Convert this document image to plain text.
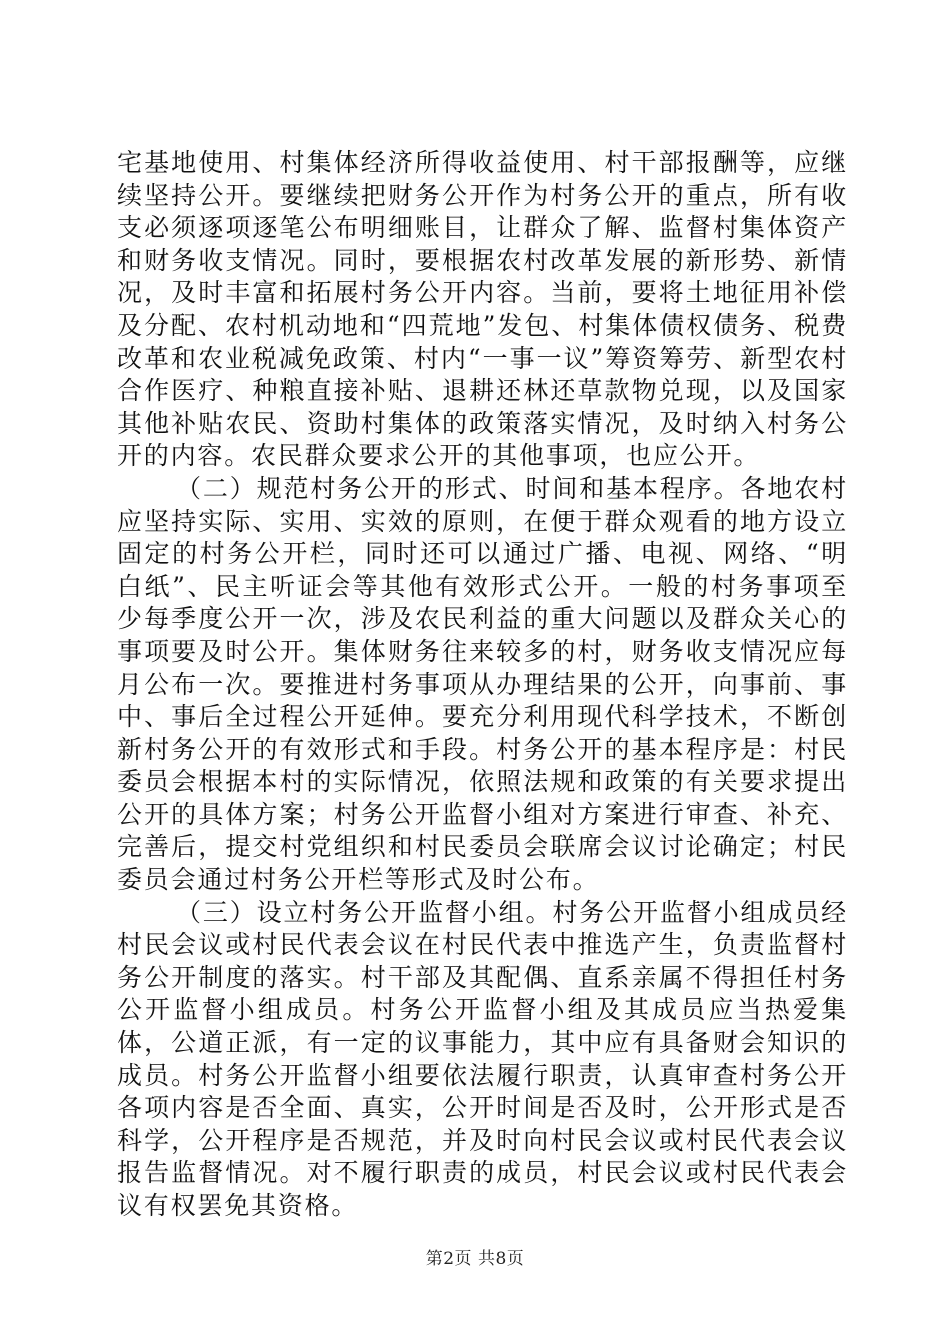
宅基地使用、村集体经济所得收益使用、村干部报酬等，应继续坚持公开。要继续把财务公开作为村务公开的重点，所有收支必须逐项逐笔公布明细账目，让群众了解、监督村集体资产和财务收支情况。同时，要根据农村改革发展的新形势、新情况，及时丰富和拓展村务公开内容。当前，要将土地征用补偿及分配、农村机动地和“四荒地”发包、村集体债权债务、税费改革和农业税减免政策、村内“一事一议”筹资筹劳、新型农村合作医疗、种粮直接补贴、退耕还林还草款物兑现，以及国家其他补贴农民、资助村集体的政策落实情况，及时纳入村务公开的内容。农民群众要求公开的其他事项，也应公开。

（二）规范村务公开的形式、时间和基本程序。各地农村应坚持实际、实用、实效的原则，在便于群众观看的地方设立固定的村务公开栏，同时还可以通过广播、电视、网络、“明白纸”、民主听证会等其他有效形式公开。一般的村务事项至少每季度公开一次，涉及农民利益的重大问题以及群众关心的事项要及时公开。集体财务往来较多的村，财务收支情况应每月公布一次。要推进村务事项从办理结果的公开，向事前、事中、事后全过程公开延伸。要充分利用现代科学技术，不断创新村务公开的有效形式和手段。村务公开的基本程序是：村民委员会根据本村的实际情况，依照法规和政策的有关要求提出公开的具体方案；村务公开监督小组对方案进行审查、补充、完善后，提交村党组织和村民委员会联席会议讨论确定；村民委员会通过村务公开栏等形式及时公布。

（三）设立村务公开监督小组。村务公开监督小组成员经村民会议或村民代表会议在村民代表中推选产生，负责监督村务公开制度的落实。村干部及其配偶、直系亲属不得担任村务公开监督小组成员。村务公开监督小组及其成员应当热爱集体，公道正派，有一定的议事能力，其中应有具备财会知识的成员。村务公开监督小组要依法履行职责，认真审查村务公开各项内容是否全面、真实，公开时间是否及时，公开形式是否科学，公开程序是否规范，并及时向村民会议或村民代表会议报告监督情况。对不履行职责的成员，村民会议或村民代表会议有权罢免其资格。

第2页 共8页
